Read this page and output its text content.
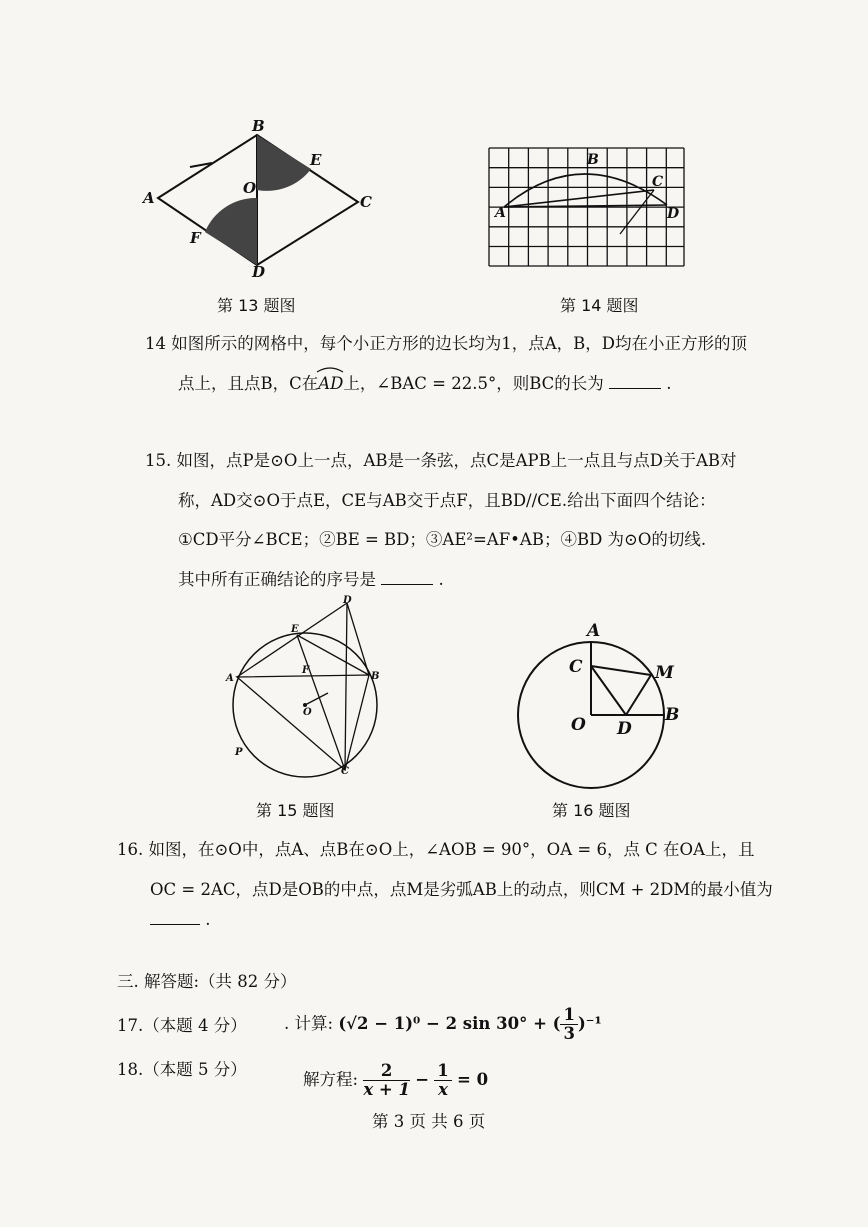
A
B
C
D
E
F
O
第 13 题图
A
B
C
D
第 14 题图
14 如图所示的网格中，每个小正方形的边长均为1，点A，B，D均在小正方形的顶
点上，且点B，C在AD上，∠BAC = 22.5°，则BC的长为	.
15. 如图，点P是⊙O上一点，AB是一条弦，点C是APB上一点且与点D关于AB对
称，AD交⊙O于点E，CE与AB交于点F，且BD//CE.给出下面四个结论：
①CD平分∠BCE；②BE = BD；③AE²=AF•AB；④BD 为⊙O的切线.
其中所有正确结论的序号是	.
A	B
C
D
E
F
O
P
第 15 题图
A
B
C
D
M
O
第 16 题图
16. 如图，在⊙O中，点A、点B在⊙O上，∠AOB = 90°，OA = 6，点 C 在OA上，且
OC = 2AC，点D是OB的中点，点M是劣弧AB上的动点，则CM + 2DM的最小值为
.
三. 解答题:（共 82 分）
17.（本题 4 分） . 计算: (√2 − 1)⁰ − 2 sin 30° + ( $\frac{1}{3} )^{-1}$
18.（本题 5 分）
解方程: $\frac{2}{x + 1} - \frac{1}{x} = 0$
第 3 页 共 6 页
